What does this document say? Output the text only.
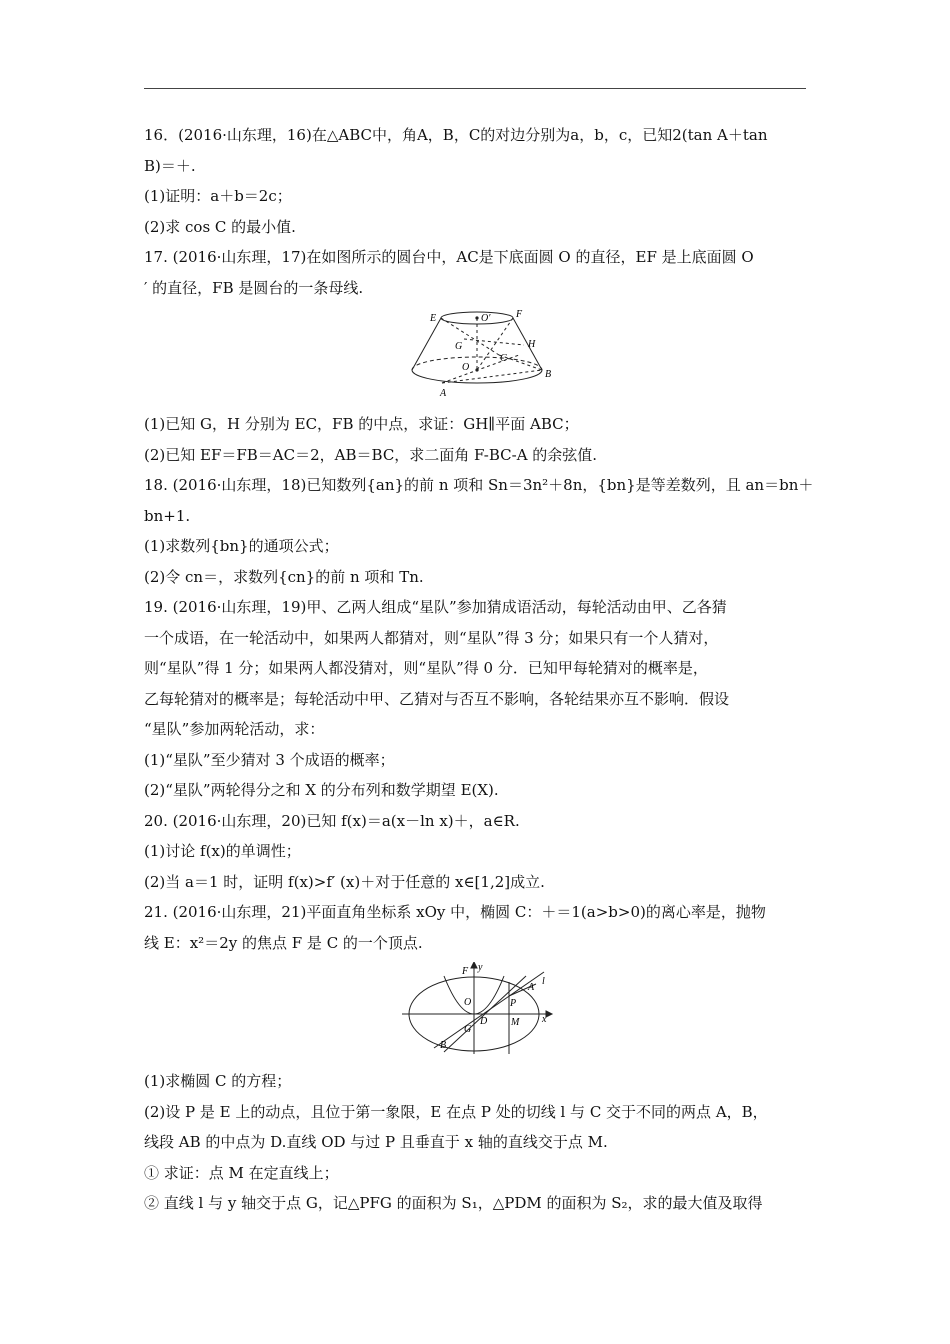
16．(2016·山东理，16)在△ABC中，角A，B，C的对边分别为a，b，c，已知2(tan A＋tan
B)＝＋.
(1)证明：a＋b＝2c；
(2)求 cos C 的最小值.
17. (2016·山东理，17)在如图所示的圆台中，AC是下底面圆 O 的直径，EF 是上底面圆 O
′ 的直径，FB 是圆台的一条母线.
E	O′	F
G	H
C
O
B
A
(1)已知 G，H 分别为 EC，FB 的中点，求证：GH∥平面 ABC；
(2)已知 EF＝FB＝AC＝2，AB＝BC，求二面角 F-BC-A 的余弦值.
18. (2016·山东理，18)已知数列{an}的前 n 项和 Sn＝3n²＋8n，{bn}是等差数列，且 an＝bn＋
bn+1.
(1)求数列{bn}的通项公式；
(2)令 cn＝，求数列{cn}的前 n 项和 Tn.
19. (2016·山东理，19)甲、乙两人组成“星队”参加猜成语活动，每轮活动由甲、乙各猜
一个成语，在一轮活动中，如果两人都猜对，则“星队”得 3 分；如果只有一个人猜对，
则“星队”得 1 分；如果两人都没猜对，则“星队”得 0 分．已知甲每轮猜对的概率是，
乙每轮猜对的概率是；每轮活动中甲、乙猜对与否互不影响，各轮结果亦互不影响．假设
“星队”参加两轮活动，求：
(1)“星队”至少猜对 3 个成语的概率；
(2)“星队”两轮得分之和 X 的分布列和数学期望 E(X).
20. (2016·山东理，20)已知 f(x)＝a(x－ln x)＋，a∈R.
(1)讨论 f(x)的单调性；
(2)当 a＝1 时，证明 f(x)>f′ (x)＋对于任意的 x∈[1,2]成立.
21. (2016·山东理，21)平面直角坐标系 xOy 中，椭圆 C：＋＝1(a>b>0)的离心率是，抛物
线 E：x²＝2y 的焦点 F 是 C 的一个顶点.
F y
l
A
O	P
x
D M
G
B
(1)求椭圆 C 的方程；
(2)设 P 是 E 上的动点，且位于第一象限，E 在点 P 处的切线 l 与 C 交于不同的两点 A，B，
线段 AB 的中点为 D.直线 OD 与过 P 且垂直于 x 轴的直线交于点 M.
① 求证：点 M 在定直线上；
② 直线 l 与 y 轴交于点 G，记△PFG 的面积为 S₁，△PDM 的面积为 S₂，求的最大值及取得
